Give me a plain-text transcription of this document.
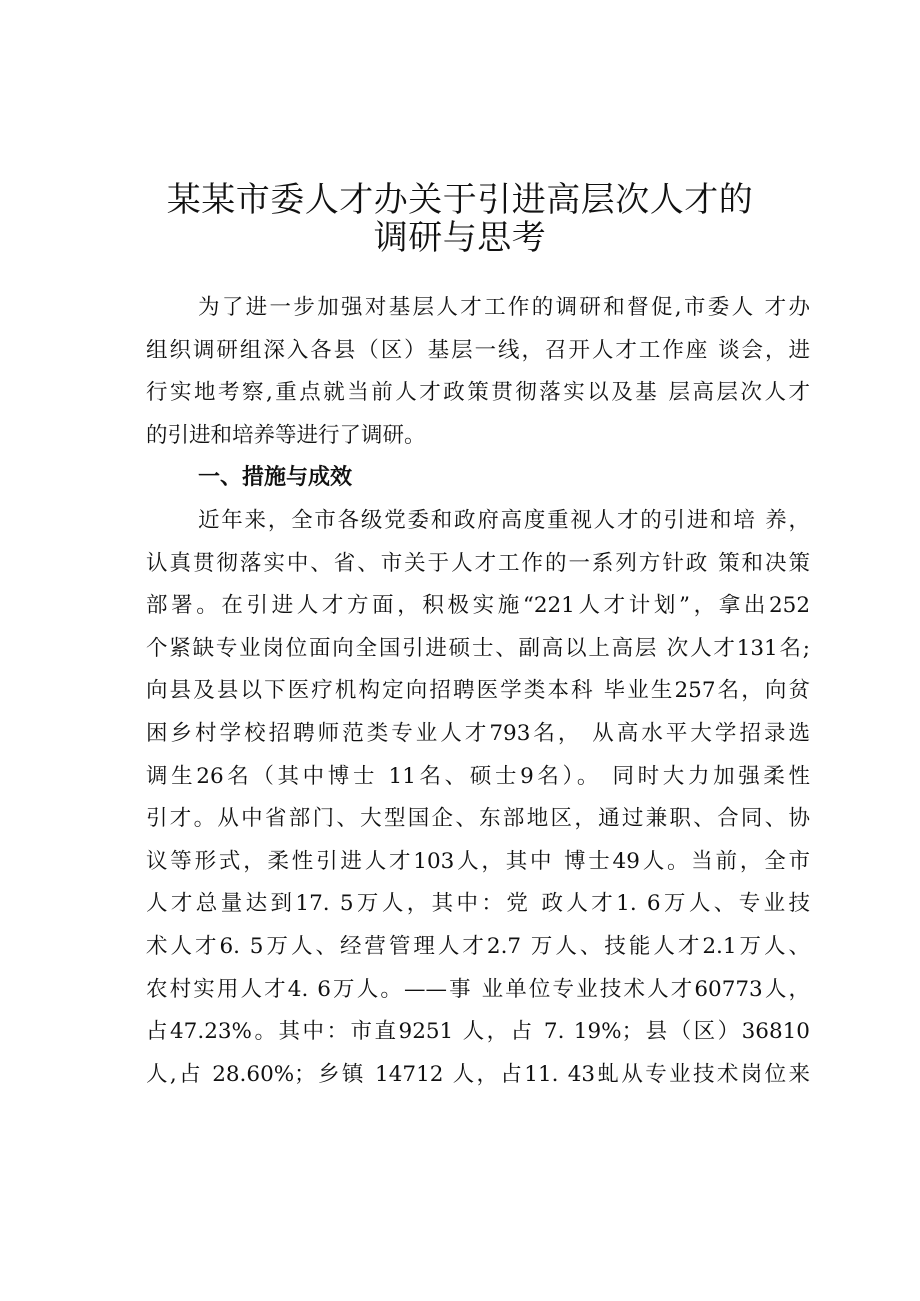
某某市委人才办关于引进高层次人才的
调研与思考
为了进一步加强对基层人才工作的调研和督促,市委人 才办
组织调研组深入各县（区）基层一线，召开人才工作座 谈会，进
行实地考察,重点就当前人才政策贯彻落实以及基 层高层次人才
的引进和培养等进行了调研。
一、措施与成效
近年来，全市各级党委和政府高度重视人才的引进和培 养，
认真贯彻落实中、省、市关于人才工作的一系列方针政 策和决策
部署。在引进人才方面，积极实施“221人才计划”，拿出252
个紧缺专业岗位面向全国引进硕士、副高以上高层 次人才131名;
向县及县以下医疗机构定向招聘医学类本科 毕业生257名，向贫
困乡村学校招聘师范类专业人才793名， 从高水平大学招录选
调生26名（其中博士 11名、硕士9名）。 同时大力加强柔性
引才。从中省部门、大型国企、东部地区，通过兼职、合同、协
议等形式，柔性引进人才103人，其中 博士49人。当前，全市
人才总量达到17. 5万人，其中：党 政人才1. 6万人、专业技
术人才6. 5万人、经营管理人才2.7 万人、技能人才2.1万人、
农村实用人才4. 6万人。——事 业单位专业技术人才60773人，
占47.23%。其中：市直9251 人，占 7. 19%；县（区）36810
人,占 28.60%；乡镇 14712 人，占11. 43虬从专业技术岗位来
